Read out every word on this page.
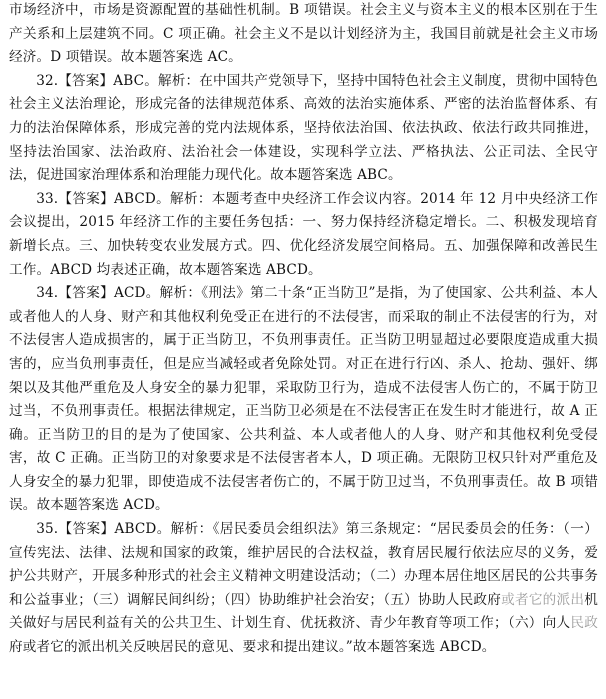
市场经济中，市场是资源配置的基础性机制。B 项错误。社会主义与资本主义的根本区别在于生产关系和上层建筑不同。C 项正确。社会主义不是以计划经济为主，我国目前就是社会主义市场经济。D 项错误。故本题答案选 AC。

32.【答案】ABC。解析：在中国共产党领导下，坚持中国特色社会主义制度，贯彻中国特色社会主义法治理论，形成完备的法律规范体系、高效的法治实施体系、严密的法治监督体系、有力的法治保障体系，形成完善的党内法规体系，坚持依法治国、依法执政、依法行政共同推进，坚持法治国家、法治政府、法治社会一体建设，实现科学立法、严格执法、公正司法、全民守法，促进国家治理体系和治理能力现代化。故本题答案选 ABC。

33.【答案】ABCD。解析：本题考查中央经济工作会议内容。2014 年 12 月中央经济工作会议提出，2015 年经济工作的主要任务包括：一、努力保持经济稳定增长。二、积极发现培育新增长点。三、加快转变农业发展方式。四、优化经济发展空间格局。五、加强保障和改善民生工作。ABCD 均表述正确，故本题答案选 ABCD。

34.【答案】ACD。解析：《刑法》第二十条“正当防卫”是指，为了使国家、公共利益、本人或者他人的人身、财产和其他权利免受正在进行的不法侵害，而采取的制止不法侵害的行为，对不法侵害人造成损害的，属于正当防卫，不负刑事责任。正当防卫明显超过必要限度造成重大损害的，应当负刑事责任，但是应当减轻或者免除处罚。对正在进行行凶、杀人、抢劫、强奸、绑架以及其他严重危及人身安全的暴力犯罪，采取防卫行为，造成不法侵害人伤亡的，不属于防卫过当，不负刑事责任。根据法律规定，正当防卫必须是在不法侵害正在发生时才能进行，故 A 正确。正当防卫的目的是为了使国家、公共利益、本人或者他人的人身、财产和其他权利免受侵害，故 C 正确。正当防卫的对象要求是不法侵害者本人，D 项正确。无限防卫权只针对严重危及人身安全的暴力犯罪，即使造成不法侵害者伤亡的，不属于防卫过当，不负刑事责任。故 B 项错误。故本题答案选 ACD。

35.【答案】ABCD。解析：《居民委员会组织法》第三条规定：“居民委员会的任务：（一）宣传宪法、法律、法规和国家的政策，维护居民的合法权益，教育居民履行依法应尽的义务，爱护公共财产，开展多种形式的社会主义精神文明建设活动；（二）办理本居住地区居民的公共事务和公益事业；（三）调解民间纠纷；（四）协助维护社会治安；（五）协助人民政府或者它的派出机关做好与居民利益有关的公共卫生、计划生育、优抚救济、青少年教育等项工作；（六）向人民政府或者它的派出机关反映居民的意见、要求和提出建议。”故本题答案选 ABCD。
